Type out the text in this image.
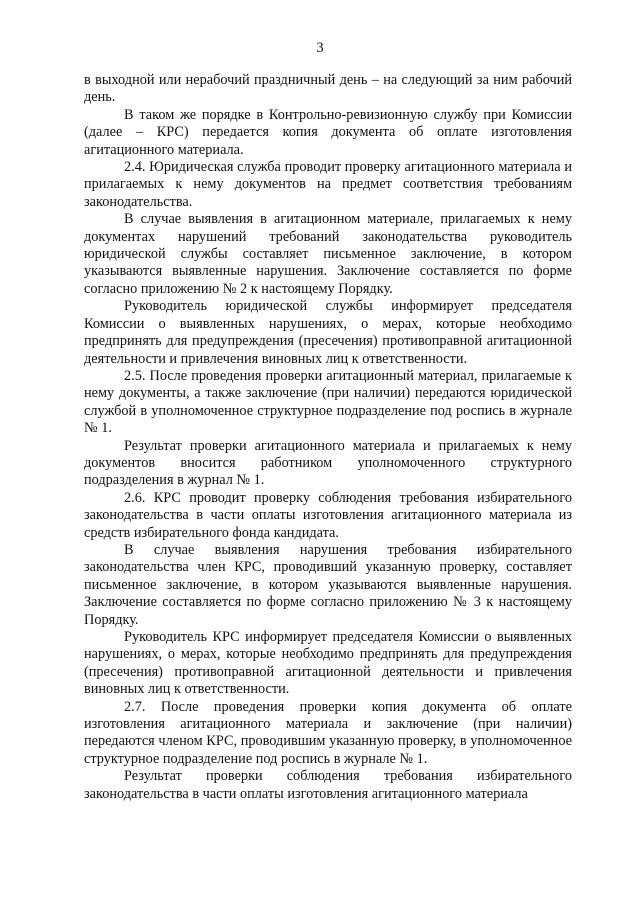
3

в выходной или нерабочий праздничный день – на следующий за ним рабочий день.

В таком же порядке в Контрольно-ревизионную службу при Комиссии (далее – КРС) передается копия документа об оплате изготовления агитационного материала.

2.4. Юридическая служба проводит проверку агитационного материала и прилагаемых к нему документов на предмет соответствия требованиям законодательства.

В случае выявления в агитационном материале, прилагаемых к нему документах нарушений требований законодательства руководитель юридической службы составляет письменное заключение, в котором указываются выявленные нарушения. Заключение составляется по форме согласно приложению № 2 к настоящему Порядку.

Руководитель юридической службы информирует председателя Комиссии о выявленных нарушениях, о мерах, которые необходимо предпринять для предупреждения (пресечения) противоправной агитационной деятельности и привлечения виновных лиц к ответственности.

2.5. После проведения проверки агитационный материал, прилагаемые к нему документы, а также заключение (при наличии) передаются юридической службой в уполномоченное структурное подразделение под роспись в журнале № 1.

Результат проверки агитационного материала и прилагаемых к нему документов вносится работником уполномоченного структурного подразделения в журнал № 1.

2.6. КРС проводит проверку соблюдения требования избирательного законодательства в части оплаты изготовления агитационного материала из средств избирательного фонда кандидата.

В случае выявления нарушения требования избирательного законодательства член КРС, проводивший указанную проверку, составляет письменное заключение, в котором указываются выявленные нарушения. Заключение составляется по форме согласно приложению № 3 к настоящему Порядку.

Руководитель КРС информирует председателя Комиссии о выявленных нарушениях, о мерах, которые необходимо предпринять для предупреждения (пресечения) противоправной агитационной деятельности и привлечения виновных лиц к ответственности.

2.7. После проведения проверки копия документа об оплате изготовления агитационного материала и заключение (при наличии) передаются членом КРС, проводившим указанную проверку, в уполномоченное структурное подразделение под роспись в журнале № 1.

Результат проверки соблюдения требования избирательного законодательства в части оплаты изготовления агитационного материала
